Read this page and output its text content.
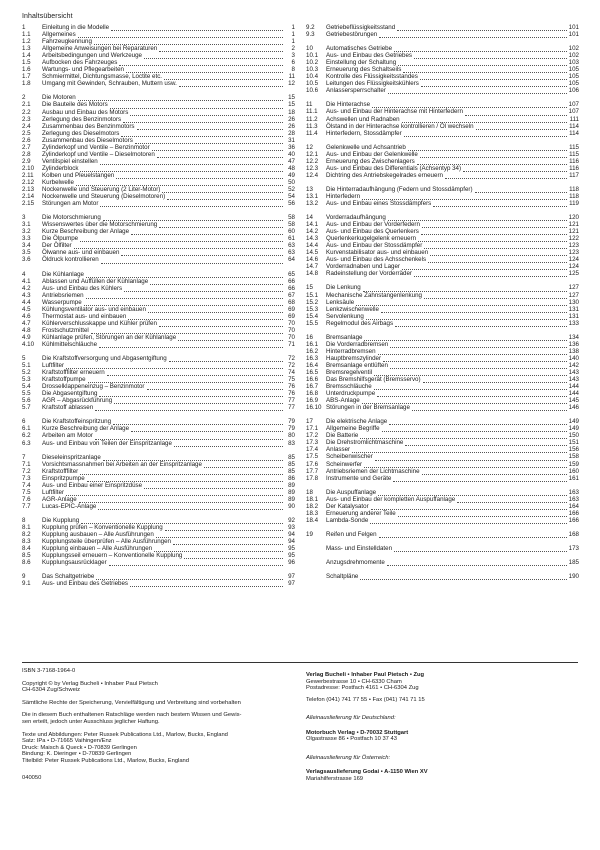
Inhaltsübersicht
1	Einleitung in die Modelle	1
1.1	Allgemeines	1
1.2	Fahrzeugkennung	1
1.3	Allgemeine Anweisungen bei Reparaturen	2
1.4	Arbeitsbedingungen und Werkzeuge	3
1.5	Aufbocken des Fahrzeuges	6
1.6	Wartungs- und Pflegearbeiten	8
1.7	Schmiermittel, Dichtungsmasse, Loctite etc.	11
1.8	Umgang mit Gewinden, Schrauben, Muttern usw.	12
2	Die Motoren	15
2.1	Die Bauteile des Motors	15
2.2	Ausbau und Einbau des Motors	18
2.3	Zerlegung des Benzinmotors	26
2.4	Zusammenbau des Benzinmotors	26
2.5	Zerlegung des Dieselmotors	28
2.6	Zusammenbau des Dieselmotors	31
2.7	Zylinderkopf und Ventile – Benzinmotor	36
2.8	Zylinderkopf und Ventile – Dieselmotoren	40
2.9	Ventilspiel einstellen	47
2.10	Zylinderblock	48
2.11	Kolben und Pleuelstangen	49
2.12	Kurbelwelle	50
2.13	Nockenwelle und Steuerung (2 Liter-Motor)	52
2.14	Nockenwelle und Steuerung (Dieselmotoren)	54
2.15	Störungen am Motor	56
3	Die Motorschmierung	58
3.1	Wissenswertes über die Motorschmierung	58
3.2	Kurze Beschreibung der Anlage	60
3.3	Die Ölpumpe	61
3.4	Der Ölfilter	63
3.5	Ölwanne aus- und einbauen	63
3.6	Öldruck kontrollieren	64
4	Die Kühlanlage	65
4.1	Ablassen und Auffüllen der Kühlanlage	66
4.2	Aus- und Einbau des Kühlers	66
4.3	Antriebsriemen	67
4.4	Wasserpumpe	68
4.5	Kühlungsventilator aus- und einbauen	69
4.6	Thermostat aus- und einbauen	69
4.7	Kühlerverschlusskappe und Kühler prüfen	70
4.8	Frostschutzmittel	70
4.9	Kühlanlage prüfen, Störungen an der Kühlanlage	70
4.10	Kühlmittelschläuche	71
5	Die Kraftstoffversorgung und Abgasentgiftung	72
5.1	Luftfilter	72
5.2	Kraftstofffilter erneuern	74
5.3	Kraftstoffpumpe	75
5.4	Drosselklappeneinzug – Benzinmotor	76
5.5	Die Abgasentgiftung	76
5.6	AGR – Abgasrückführung	77
5.7	Kraftstoff ablassen	77
6	Die Kraftstoffeinspritzung	79
6.1	Kurze Beschreibung der Anlage	79
6.2	Arbeiten am Motor	80
6.3	Aus- und Einbau von Teilen der Einspritzanlage	83
7	Dieseleinspritzanlage	85
7.1	Vorsichtsmassnahmen bei Arbeiten an der Einspritzanlage	85
7.2	Kraftstofffilter	85
7.3	Einspritzpumpe	86
7.4	Aus- und Einbau einer Einspritzdüse	89
7.5	Luftfilter	89
7.6	AGR-Anlage	89
7.7	Lucas-EPIC-Anlage	90
8	Die Kupplung	92
8.1	Kupplung prüfen – Konventionelle Kupplung	93
8.2	Kupplung ausbauen – Alle Ausführungen	94
8.3	Kupplungsteile überprüfen – Alle Ausführungen	94
8.4	Kupplung einbauen – Alle Ausführungen	95
8.5	Kupplungsseil erneuern – Konventionelle Kupplung	95
8.6	Kupplungsausrücklager	96
9	Das Schaltgetriebe	97
9.1	Aus- und Einbau des Getriebes	97
9.2	Getriebeflüssigkeitsstand	101
9.3	Getriebestörungen	101
10	Automatisches Getriebe	102
10.1	Aus- und Einbau des Getriebes	102
10.2	Einstellung der Schaltung	103
10.3	Erneuerung des Schaltseils	105
10.4	Kontrolle des Flüssigkeitsstandes	105
10.5	Leitungen des Flüssigkeitskühlers	105
10.6	Anlassersperrschalter	106
11	Die Hinterachse	107
11.1	Aus- und Einbau der Hinterachse mit Hinterfedern	107
11.2	Achswellen und Radnaben	111
11.3	Ölstand in der Hinterachse kontrollieren / Öl wechseln	114
11.4	Hinterfedern, Stossdämpfer	114
12	Gelenkwelle und Achsantrieb	115
12.1	Aus- und Einbau der Gelenkwelle	115
12.2	Erneuerung des Zwischenlagers	116
12.3	Aus- und Einbau des Differentials (Achsentyp 34)	116
12.4	Dichtring des Antriebskegelrades erneuern	117
13	Die Hinterradaufhängung (Federn und Stossdämpfer)	118
13.1	Hinterfedern	118
13.2	Aus- und Einbau eines Stossdämpfers	119
14	Vorderradaufhängung	120
14.1	Aus- und Einbau der Vorderfedern	121
14.2	Aus- und Einbau des Querlenkers	121
14.3	Querlenkerkugelgelenk erneuern	122
14.4	Aus- und Einbau der Stossdämpfer	123
14.5	Kurvenstabilisator aus- und einbauen	123
14.6	Aus- und Einbau des Achsschenkels	124
14.7	Vorderradnaben und Lager	124
14.8	Radeinstellung der Vorderräder	125
15	Die Lenkung	127
15.1	Mechanische Zahnstangenlenkung	127
15.2	Lenksäule	130
15.3	Lenkzwischenwelle	131
15.4	Servolenkung	131
15.5	Regelmodul des Airbags	133
16	Bremsanlage	134
16.1	Die Vorderradbremsen	136
16.2	Hinterradbremsen	138
16.3	Hauptbremszylinder	140
16.4	Bremsanlage entlüften	142
16.5	Bremsregelventil	143
16.6	Das Bremshilfsgerät (Bremsservo)	143
16.7	Bremsschläuche	144
16.8	Unterdruckpumpe	144
16.9	ABS-Anlage	145
16.10 Störungen in der Bremsanlage	146
17	Die elektrische Anlage	149
17.1	Allgemeine Begriffe	149
17.2	Die Batterie	150
17.3	Die Drehstromlichtmaschine	151
17.4	Anlasser	156
17.5	Scheibenwischer	158
17.6	Scheinwerfer	159
17.7	Antriebsriemen der Lichtmaschine	160
17.8	Instrumente und Geräte	161
18	Die Auspuffanlage	163
18.1	Aus- und Einbau der kompletten Auspuffanlage	163
18.2	Der Katalysator	164
18.3	Erneuerung anderer Teile	166
18.4	Lambda-Sonde	166
19	Reifen und Felgen	168
Mass- und Einstelldaten	173
Anzugsdrehmomente	185
Schaltpläne	190

ISBN 3-7168-1964-0

Copyright © by Verlag Bucheli • Inhaber Paul Pietsch
CH-6304 Zug/Schweiz

Sämtliche Rechte der Speicherung, Vervielfältigung und Verbreitung sind vorbehalten

Die in diesem Buch enthaltenen Ratschläge werden nach bestem Wissen und Gewis-
sen erteilt, jedoch unter Ausschluss jeglicher Haftung.

Texte und Abbildungen: Peter Russek Publications Ltd., Marlow, Bucks, England
Satz: IPa • D-71665 Vaihingen/Enz
Druck: Maisch & Queck • D-70839 Gerlingen
Bindung: K. Dieringer • D-70839 Gerlingen
Titelbild: Peter Russek Publications Ltd., Marlow, Bucks, England

040050

Verlag Bucheli • Inhaber Paul Pietsch • Zug
Gewerbestrasse 10 • CH-6330 Cham
Postadresse: Postfach 4161 • CH-6304 Zug
Telefon (041) 741 77 55 • Fax (041) 741 71 15

Alleinauslieferung für Deutschland:

Motorbuch Verlag • D-70032 Stuttgart
Olgastrasse 86 • Postfach 10 37 43

Alleinauslieferung für Österreich:

Verlagsauslieferung Godai • A-1150 Wien XV
Mariahilferstrasse 169
